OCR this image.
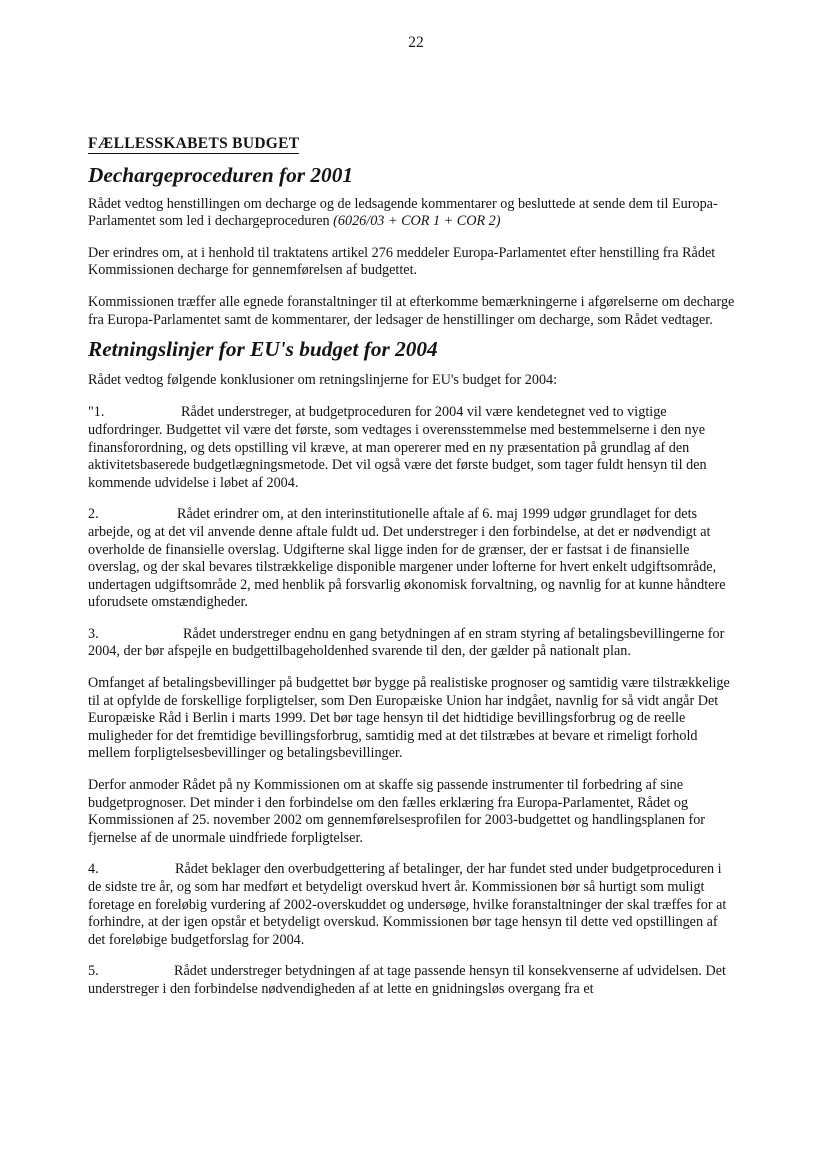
22
FÆLLESSKABETS BUDGET
Dechargeproceduren for 2001

Rådet vedtog henstillingen om decharge og de ledsagende kommentarer og besluttede at sende dem til Europa-Parlamentet som led i dechargeproceduren (6026/03 + COR 1 + COR 2)

Der erindres om, at i henhold til traktatens artikel 276 meddeler Europa-Parlamentet efter henstilling fra Rådet Kommissionen decharge for gennemførelsen af budgettet.

Kommissionen træffer alle egnede foranstaltninger til at efterkomme bemærkningerne i afgørelserne om decharge fra Europa-Parlamentet samt de kommentarer, der ledsager de henstillinger om decharge, som Rådet vedtager.

Retningslinjer for EU's budget for 2004

Rådet vedtog følgende konklusioner om retningslinjerne for EU's budget for 2004:

"1.	Rådet understreger, at budgetproceduren for 2004 vil være kendetegnet ved to vigtige udfordringer. Budgettet vil være det første, som vedtages i overensstemmelse med bestemmelserne i den nye finansforordning, og dets opstilling vil kræve, at man opererer med en ny præsentation på grundlag af den aktivitetsbaserede budgetlægningsmetode. Det vil også være det første budget, som tager fuldt hensyn til den kommende udvidelse i løbet af 2004.

2.	Rådet erindrer om, at den interinstitutionelle aftale af 6. maj 1999 udgør grundlaget for dets arbejde, og at det vil anvende denne aftale fuldt ud. Det understreger i den forbindelse, at det er nødvendigt at overholde de finansielle overslag. Udgifterne skal ligge inden for de grænser, der er fastsat i de finansielle overslag, og der skal bevares tilstrækkelige disponible margener under lofterne for hvert enkelt udgiftsområde, undertagen udgiftsområde 2, med henblik på forsvarlig økonomisk forvaltning, og navnlig for at kunne håndtere uforudsete omstændigheder.

3.	Rådet understreger endnu en gang betydningen af en stram styring af betalingsbevillingerne for 2004, der bør afspejle en budgettilbageholdenhed svarende til den, der gælder på nationalt plan.

Omfanget af betalingsbevillinger på budgettet bør bygge på realistiske prognoser og samtidig være tilstrækkelige til at opfylde de forskellige forpligtelser, som Den Europæiske Union har indgået, navnlig for så vidt angår Det Europæiske Råd i Berlin i marts 1999. Det bør tage hensyn til det hidtidige bevillingsforbrug og de reelle muligheder for det fremtidige bevillingsforbrug, samtidig med at det tilstræbes at bevare et rimeligt forhold mellem forpligtelsesbevillinger og betalingsbevillinger.

Derfor anmoder Rådet på ny Kommissionen om at skaffe sig passende instrumenter til forbedring af sine budgetprognoser. Det minder i den forbindelse om den fælles erklæring fra Europa-Parlamentet, Rådet og Kommissionen af 25. november 2002 om gennemførelsesprofilen for 2003-budgettet og handlingsplanen for fjernelse af de unormale uindfriede forpligtelser.

4.	Rådet beklager den overbudgettering af betalinger, der har fundet sted under budgetproceduren i de sidste tre år, og som har medført et betydeligt overskud hvert år. Kommissionen bør så hurtigt som muligt foretage en foreløbig vurdering af 2002-overskuddet og undersøge, hvilke foranstaltninger der skal træffes for at forhindre, at der igen opstår et betydeligt overskud. Kommissionen bør tage hensyn til dette ved opstillingen af det foreløbige budgetforslag for 2004.

5.	Rådet understreger betydningen af at tage passende hensyn til konsekvenserne af udvidelsen. Det understreger i den forbindelse nødvendigheden af at lette en gnidningsløs overgang fra et
